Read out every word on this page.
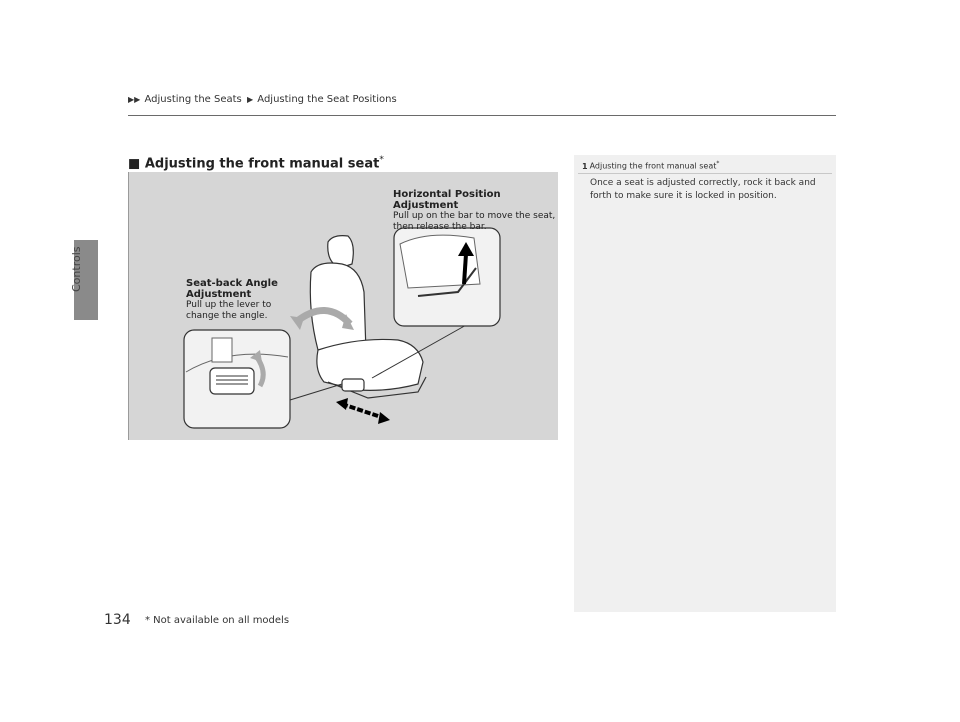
Controls
▶▶ Adjusting the Seats ▶ Adjusting the Seat Positions
■ Adjusting the front manual seat*
Horizontal Position Adjustment
Pull up on the bar to move the seat, then release the bar.
Seat-back Angle Adjustment
Pull up the lever to change the angle.
1 Adjusting the front manual seat*
Once a seat is adjusted correctly, rock it back and forth to make sure it is locked in position.
134 * Not available on all models
